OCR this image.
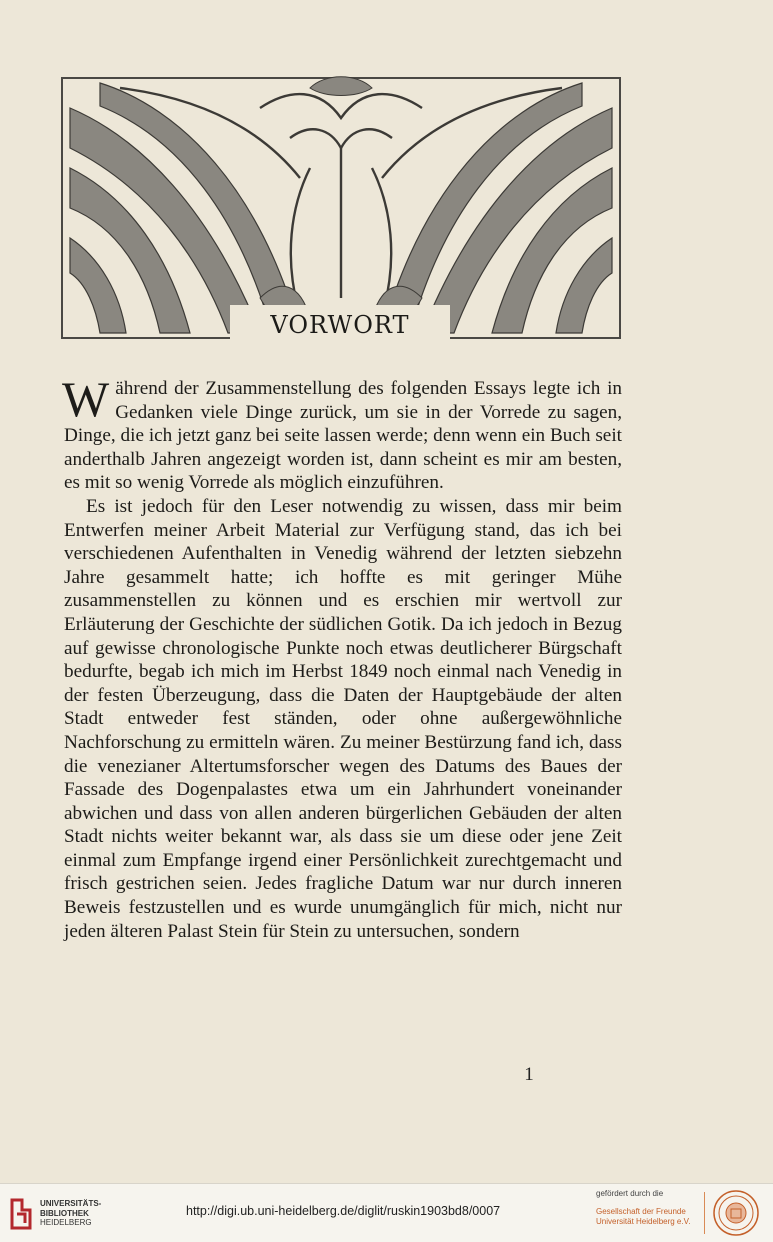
VORWORT

Während der Zusammenstellung des folgenden Essays legte ich in Gedanken viele Dinge zurück, um sie in der Vorrede zu sagen, Dinge, die ich jetzt ganz bei seite lassen werde; denn wenn ein Buch seit anderthalb Jahren angezeigt worden ist, dann scheint es mir am besten, es mit so wenig Vorrede als möglich einzuführen.

Es ist jedoch für den Leser notwendig zu wissen, dass mir beim Entwerfen meiner Arbeit Material zur Verfügung stand, das ich bei verschiedenen Aufenthalten in Venedig während der letzten siebzehn Jahre gesammelt hatte; ich hoffte es mit geringer Mühe zusammenstellen zu können und es erschien mir wertvoll zur Erläuterung der Geschichte der südlichen Gotik. Da ich jedoch in Bezug auf gewisse chronologische Punkte noch etwas deutlicherer Bürgschaft bedurfte, begab ich mich im Herbst 1849 noch einmal nach Venedig in der festen Überzeugung, dass die Daten der Hauptgebäude der alten Stadt entweder fest ständen, oder ohne außergewöhnliche Nachforschung zu ermitteln wären. Zu meiner Bestürzung fand ich, dass die venezianer Altertumsforscher wegen des Datums des Baues der Fassade des Dogenpalastes etwa um ein Jahrhundert voneinander abwichen und dass von allen anderen bürgerlichen Gebäuden der alten Stadt nichts weiter bekannt war, als dass sie um diese oder jene Zeit einmal zum Empfange irgend einer Persönlichkeit zurechtgemacht und frisch gestrichen seien. Jedes fragliche Datum war nur durch inneren Beweis festzustellen und es wurde unumgänglich für mich, nicht nur jeden älteren Palast Stein für Stein zu untersuchen, sondern

1
UNIVERSITÄTS-
BIBLIOTHEK
HEIDELBERG
http://digi.ub.uni-heidelberg.de/diglit/ruskin1903bd8/0007
gefördert durch die
Gesellschaft der Freunde
Universität Heidelberg e.V.
